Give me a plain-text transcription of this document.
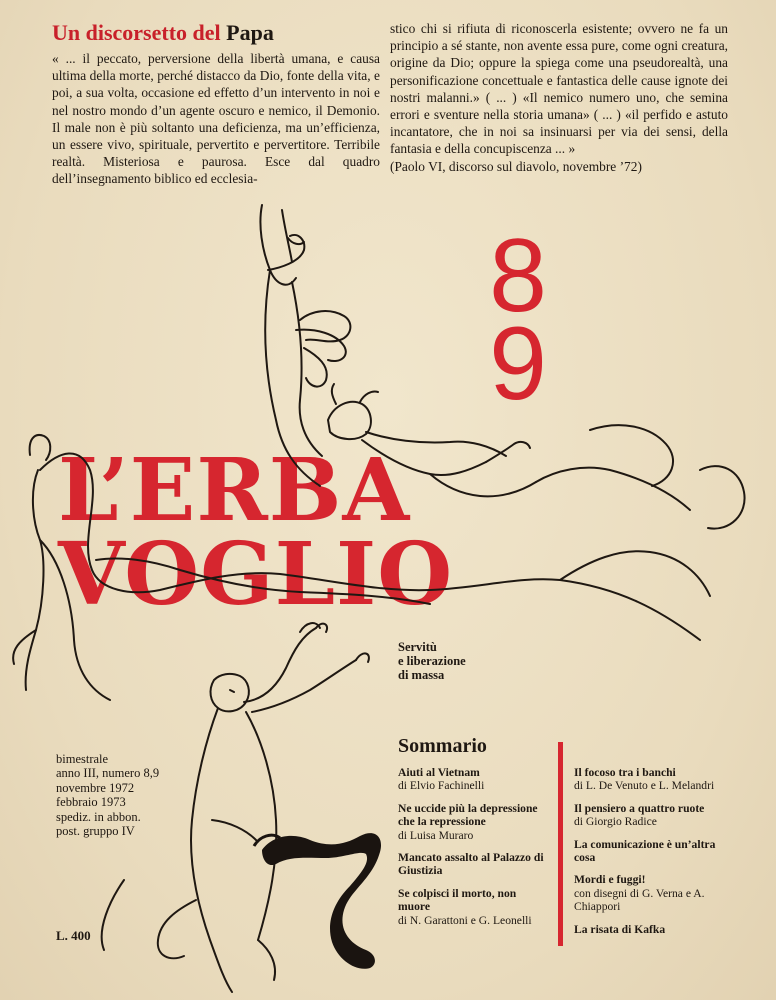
Un discorsetto del Papa
« ... il peccato, perversione della libertà umana, e causa ultima della morte, perché distacco da Dio, fonte della vita, e poi, a sua volta, occasione ed effetto d’un intervento in noi e nel nostro mondo d’un agente oscuro e nemico, il Demonio. Il male non è più soltanto una deficienza, ma un’efficienza, un essere vivo, spirituale, pervertito e pervertitore. Terribile realtà. Misteriosa e paurosa. Esce dal quadro dell’insegnamento biblico ed ecclesia-
stico chi si rifiuta di riconoscerla esistente; ovvero ne fa un principio a sé stante, non avente essa pure, come ogni creatura, origine da Dio; oppure la spiega come una pseudorealtà, una personificazione concettuale e fantastica delle cause ignote dei nostri malanni.» ( ... ) «Il nemico numero uno, che semina errori e sventure nella storia umana» ( ... ) «il perfido e astuto incantatore, che in noi sa insinuarsi per via dei sensi, della fantasia e della concupiscenza ... »
(Paolo VI, discorso sul diavolo, novembre ’72)
8
9
L’ERBA
VOGLIO
Servitù
e liberazione
di massa
bimestrale
anno III, numero 8,9
novembre 1972
febbraio 1973
spediz. in abbon.
post. gruppo IV
L. 400
Sommario
Aiuti al Vietnam
di Elvio Fachinelli
Ne uccide più la depressione che la repressione
di Luisa Muraro
Mancato assalto al Palazzo di Giustizia
Se colpisci il morto, non muore
di N. Garattoni e G. Leonelli
Il focoso tra i banchi
di L. De Venuto e L. Melandri
Il pensiero a quattro ruote
di Giorgio Radice
La comunicazione è un’altra cosa
Mordi e fuggi!
con disegni di G. Verna e A. Chiappori
La risata di Kafka
